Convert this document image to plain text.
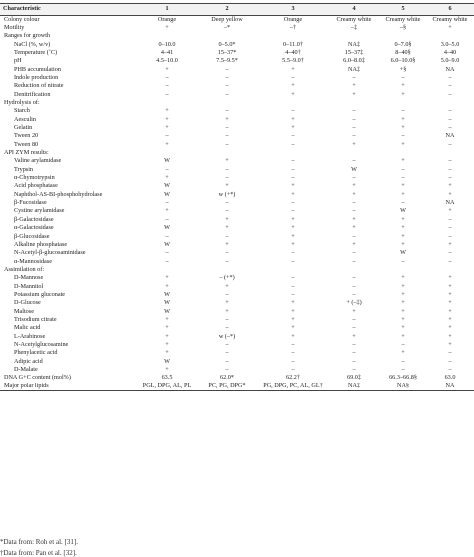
Characteristic	1	2	3	4	5	6
Colony colour	Orange	Deep yellow	Orange	Creamy white	Creamy white	Creamy white
Motility	+	–*	–†	–‡	–§	+
Ranges for growth						
NaCl (%, w/v)	0–10.0	0–5.0*	0–11.0†	NA‡	0–7.0§	3.0–5.0
Temperature (˚C)	4–41	15–37*	4–40†	15–37‡	8–40§	4–40
pH	4.5–10.0	7.5–9.5*	5.5–9.0†	6.0–8.0‡	6.0–10.0§	5.0–9.0
PHB accumulation	+	–	+	NA‡	+§	NA
Indole production	–	–	–	–	–	–
Reduction of nitrate	–	–	+	+	+	–
Denitrification	–	–	+	+	+	–
Hydrolysis of:						
Starch	+	–	–	–	–	–
Aesculin	+	+	+	–	+	–
Gelatin	+	–	+	–	+	–
Tween 20	–	–	–	–	–	NA
Tween 80	+	–	–	+	+	–
API ZYM results:						
Valine arylamidase	W	+	–	–	+	–
Trypsin	–	–	–	W	–	–
α-Chymotrypsin	+	–	–	–	–	–
Acid phosphatase	W	+	+	+	+	+
Naphthol-AS-BI-phosphohydrolase	W	w (+*)	+	+	+	+
β-Fucosidase	–	–	–	–	–	NA
Cystine arylamidase	+	–	–	–	W	+
β-Galactosidase	–	+	+	+	+	–
α-Galactosidase	W	+	+	+	+	–
β-Glucosidase	–	–	+	–	+	–
Alkaline phosphatase	W	+	+	+	+	+
N-Acetyl-β-glucosaminidase	–	–	–	–	W	–
α-Mannosidase	–	–	–	–	–	–
Assimilation of:						
D-Mannose	+	– (+*)	–	–	+	+
D-Mannitol	+	+	–	–	+	+
Potassium gluconate	W	–	–	–	+	+
D-Glucose	W	+	+	+ (–‡)	+	+
Maltose	W	+	+	+	+	+
Trisodium citrate	+	–	+	–	+	+
Malic acid	+	–	+	–	+	+
L-Arabinose	+	w (–*)	+	+	+	+
N-Acetylglucosamine	+	–	–	–	–	+
Phenylacetic acid	+	–	–	–	+	–
Adipic acid	W	–	–	–	–	–
D-Malate	+	–	–	–	–	–
DNA G+C content (mol%)	63.5	62.0*	62.2†	69.0‡	66.3–66.8§	63.0
Major polar lipids	PGL, DPG, AL, PL	PC, PG, DPG*	PG, DPG, PC, AL, GL†	NA‡	NA§	NA
*Data from: Roh et al. [31].
†Data from: Pan et al. [32].
